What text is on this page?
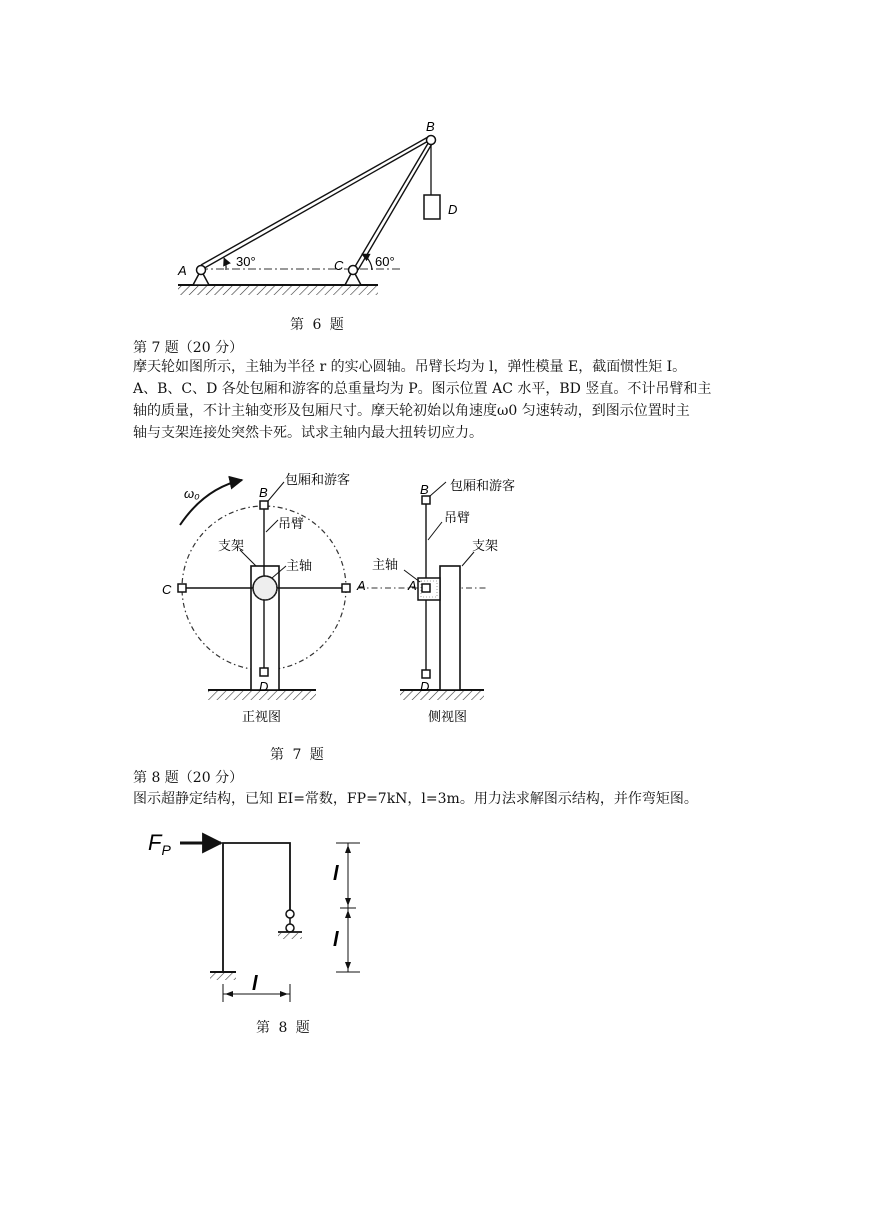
A	C
B
D
30°	60°
ω₀	B
C	A
D
包厢和游客
吊臂
支架
主轴
正视图
B
A
D
包厢和游客
吊臂
主轴
支架
侧视图
$F_P$
l
l
l
第 6 题
第 7 题（20 分）
摩天轮如图所示，主轴为半径 r 的实心圆轴。吊臂长均为 l，弹性模量 E，截面惯性矩 I。
A、B、C、D 各处包厢和游客的总重量均为 P。图示位置 AC 水平，BD 竖直。不计吊臂和主
轴的质量，不计主轴变形及包厢尺寸。摩天轮初始以角速度ω0 匀速转动，到图示位置时主
轴与支架连接处突然卡死。试求主轴内最大扭转切应力。
第 7 题
第 8 题（20 分）
图示超静定结构，已知 EI=常数，FP=7kN，l=3m。用力法求解图示结构，并作弯矩图。
第 8 题
